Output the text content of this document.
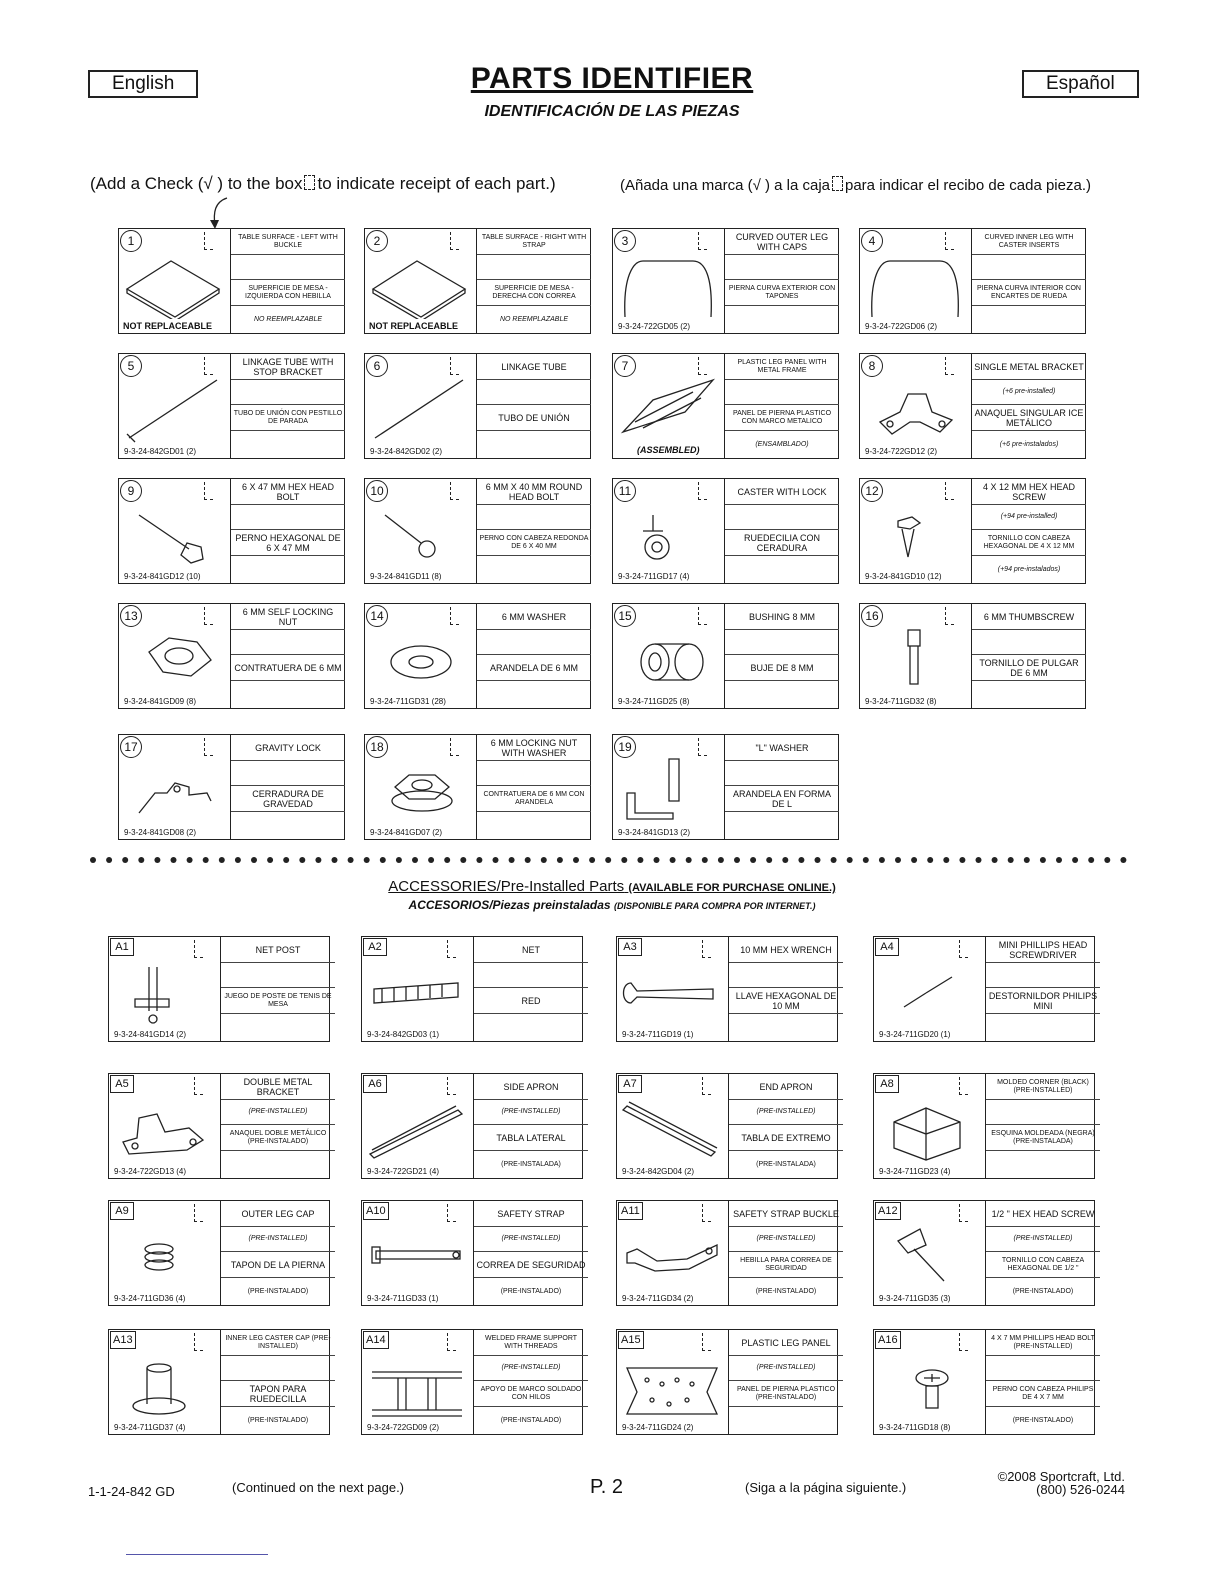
English	PARTS IDENTIFIER	Español
IDENTIFICACIÓN DE LAS PIEZAS
(Add a Check (√ ) to the box to indicate receipt of each part.)	(Añada una marca (√ ) a la caja para indicar el recibo de cada pieza.)
1
NOT REPLACEABLE
TABLE SURFACE - LEFT WITH BUCKLE
SUPERFICIE DE MESA - IZQUIERDA CON HEBILLA
NO REEMPLAZABLE
2
NOT REPLACEABLE
TABLE SURFACE - RIGHT WITH STRAP
SUPERFICIE DE MESA - DERECHA CON CORREA
NO REEMPLAZABLE
3
9-3-24-722GD05 (2)
CURVED OUTER LEG WITH CAPS
PIERNA CURVA EXTERIOR CON TAPONES
4
9-3-24-722GD06 (2)
CURVED INNER LEG WITH CASTER INSERTS
PIERNA CURVA INTERIOR CON ENCARTES DE RUEDA
5
9-3-24-842GD01 (2)
LINKAGE TUBE WITH STOP BRACKET
TUBO DE UNIÓN CON PESTILLO DE PARADA
6
9-3-24-842GD02 (2)
LINKAGE TUBE
TUBO DE UNIÓN
7
(ASSEMBLED)
PLASTIC LEG PANEL WITH METAL FRAME
PANEL DE PIERNA PLASTICO CON MARCO METALICO
(ENSAMBLADO)
8
9-3-24-722GD12 (2)
SINGLE METAL BRACKET
(+6 pre-installed)
ANAQUEL SINGULAR ICE METÁLICO
(+6 pre-instalados)
9
9-3-24-841GD12 (10)
6 X 47 MM HEX HEAD BOLT
PERNO HEXAGONAL DE 6 X 47 MM
10
9-3-24-841GD11 (8)
6 MM X 40 MM ROUND HEAD BOLT
PERNO CON CABEZA REDONDA DE 6 X 40 MM
11
9-3-24-711GD17 (4)
CASTER WITH LOCK
RUEDECILIA CON CERADURA
12
9-3-24-841GD10 (12)
4 X 12 MM HEX HEAD SCREW
(+94 pre-installed)
TORNILLO CON CABEZA HEXAGONAL DE 4 X 12 MM
(+94 pre-instalados)
13
9-3-24-841GD09 (8)
6 MM SELF LOCKING NUT
CONTRATUERA DE 6 MM
14
9-3-24-711GD31 (28)
6 MM WASHER
ARANDELA DE 6 MM
15
9-3-24-711GD25 (8)
BUSHING 8 MM
BUJE DE 8 MM
16
9-3-24-711GD32 (8)
6 MM THUMBSCREW
TORNILLO DE PULGAR DE 6 MM
17
9-3-24-841GD08 (2)
GRAVITY LOCK
CERRADURA DE GRAVEDAD
18
9-3-24-841GD07 (2)
6 MM LOCKING NUT WITH WASHER
CONTRATUERA DE 6 MM CON ARANDELA
19
9-3-24-841GD13 (2)
"L" WASHER
ARANDELA EN FORMA DE L
ACCESSORIES/Pre-Installed Parts (AVAILABLE FOR PURCHASE ONLINE.)
ACCESORIOS/Piezas preinstaladas (DISPONIBLE PARA COMPRA POR INTERNET.)
A1
9-3-24-841GD14 (2)
NET POST
JUEGO DE POSTE DE TENIS DE MESA
A2
9-3-24-842GD03 (1)
NET
RED
A3
9-3-24-711GD19 (1)
10 MM HEX WRENCH
LLAVE HEXAGONAL DE 10 MM
A4
9-3-24-711GD20 (1)
MINI PHILLIPS HEAD SCREWDRIVER
DESTORNILDOR PHILIPS MINI
A5
9-3-24-722GD13 (4)
DOUBLE METAL BRACKET
(PRE-INSTALLED)
ANAQUEL DOBLE METÁLICO (PRE-INSTALADO)
A6
9-3-24-722GD21 (4)
SIDE APRON
(PRE-INSTALLED)
TABLA LATERAL
(PRE-INSTALADA)
A7
9-3-24-842GD04 (2)
END APRON
(PRE-INSTALLED)
TABLA DE EXTREMO
(PRE-INSTALADA)
A8
9-3-24-711GD23 (4)
MOLDED CORNER (BLACK) (PRE-INSTALLED)
ESQUINA MOLDEADA (NEGRA) (PRE-INSTALADA)
A9
9-3-24-711GD36 (4)
OUTER LEG CAP
(PRE-INSTALLED)
TAPON DE LA PIERNA
(PRE-INSTALADO)
A10
9-3-24-711GD33 (1)
SAFETY STRAP
(PRE-INSTALLED)
CORREA DE SEGURIDAD
(PRE-INSTALADO)
A11
9-3-24-711GD34 (2)
SAFETY STRAP BUCKLE
(PRE-INSTALLED)
HEBILLA PARA CORREA DE SEGURIDAD
(PRE-INSTALADO)
A12
9-3-24-711GD35 (3)
1/2 " HEX HEAD SCREW
(PRE-INSTALLED)
TORNILLO CON CABEZA HEXAGONAL DE 1/2 "
(PRE-INSTALADO)
A13
9-3-24-711GD37 (4)
INNER LEG CASTER CAP (PRE-INSTALLED)
TAPON PARA RUEDECILLA
(PRE-INSTALADO)
A14
9-3-24-722GD09 (2)
WELDED FRAME SUPPORT WITH THREADS
(PRE-INSTALLED)
APOYO DE MARCO SOLDADO CON HILOS
(PRE-INSTALADO)
A15
9-3-24-711GD24 (2)
PLASTIC LEG PANEL
(PRE-INSTALLED)
PANEL DE PIERNA PLASTICO (PRE-INSTALADO)
A16
9-3-24-711GD18 (8)
4 X 7 MM PHILLIPS HEAD BOLT (PRE-INSTALLED)
PERNO CON CABEZA PHILIPS DE 4 X 7 MM
(PRE-INSTALADO)
1-1-24-842 GD	(Continued on the next page.)	P. 2	(Siga a la página siguiente.)
©2008 Sportcraft, Ltd.
(800) 526-0244
